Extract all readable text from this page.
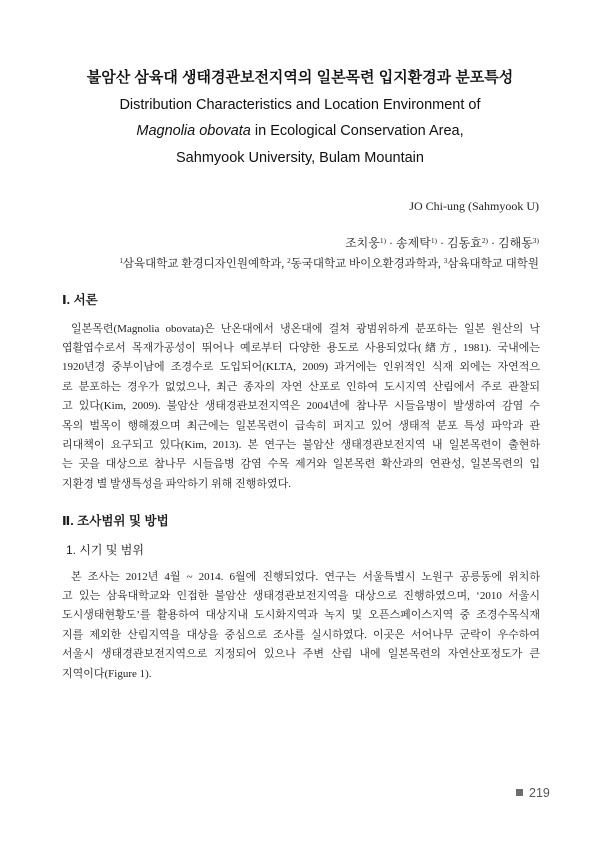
불암산 삼육대 생태경관보전지역의 일본목련 입지환경과 분포특성
Distribution Characteristics and Location Environment of
Magnolia obovata in Ecological Conservation Area,
Sahmyook University, Bulam Mountain
JO Chi-ung (Sahmyook U)
조치웅$^{1)}$ · 송제탁$^{1)}$ · 김동효$^{2)}$ · 김해동$^{3)}$
$^1$삼육대학교 환경디자인원예학과, $^2$동국대학교 바이오환경과학과, $^3$삼육대학교 대학원
Ⅰ. 서론
일본목련(Magnolia obovata)은 난온대에서 냉온대에 걸쳐 광범위하게 분포하는 일본 원산의 낙
엽활엽수로서 목재가공성이 뛰어나 예로부터 다양한 용도로 사용되었다(緖方, 1981). 국내에는
1920년경 중부이남에 조경수로 도입되어(KLTA, 2009) 과거에는 인위적인 식재 외에는 자연적으
로 분포하는 경우가 없었으나, 최근 종자의 자연 산포로 인하여 도시지역 산림에서 주로 관찰되
고 있다(Kim, 2009). 불암산 생태경관보전지역은 2004년에 참나무 시들음병이 발생하여 감염 수
목의 벌목이 행해졌으며 최근에는 일본목련이 급속히 퍼지고 있어 생태적 분포 특성 파악과 관
리대책이 요구되고 있다(Kim, 2013). 본 연구는 불암산 생태경관보전지역 내 일본목련이 출현하
는 곳을 대상으로 참나무 시들음병 감염 수목 제거와 일본목련 확산과의 연관성, 일본목련의 입
지환경 별 발생특성을 파악하기 위해 진행하였다.
Ⅱ. 조사범위 및 방법
1. 시기 및 범위
본 조사는 2012년 4월 ~ 2014. 6월에 진행되었다. 연구는 서울특별시 노원구 공릉동에 위치하
고 있는 삼육대학교와 인접한 불암산 생태경관보전지역을 대상으로 진행하였으며, ‘2010 서울시
도시생태현황도’를 활용하여 대상지내 도시화지역과 녹지 및 오픈스페이스지역 중 조경수목식재
지를 제외한 산림지역을 대상을 중심으로 조사를 실시하였다. 이곳은 서어나무 군락이 우수하여
서울시 생태경관보전지역으로 지정되어 있으나 주변 산림 내에 일본목련의 자연산포정도가 큰
지역이다(Figure 1).
219
